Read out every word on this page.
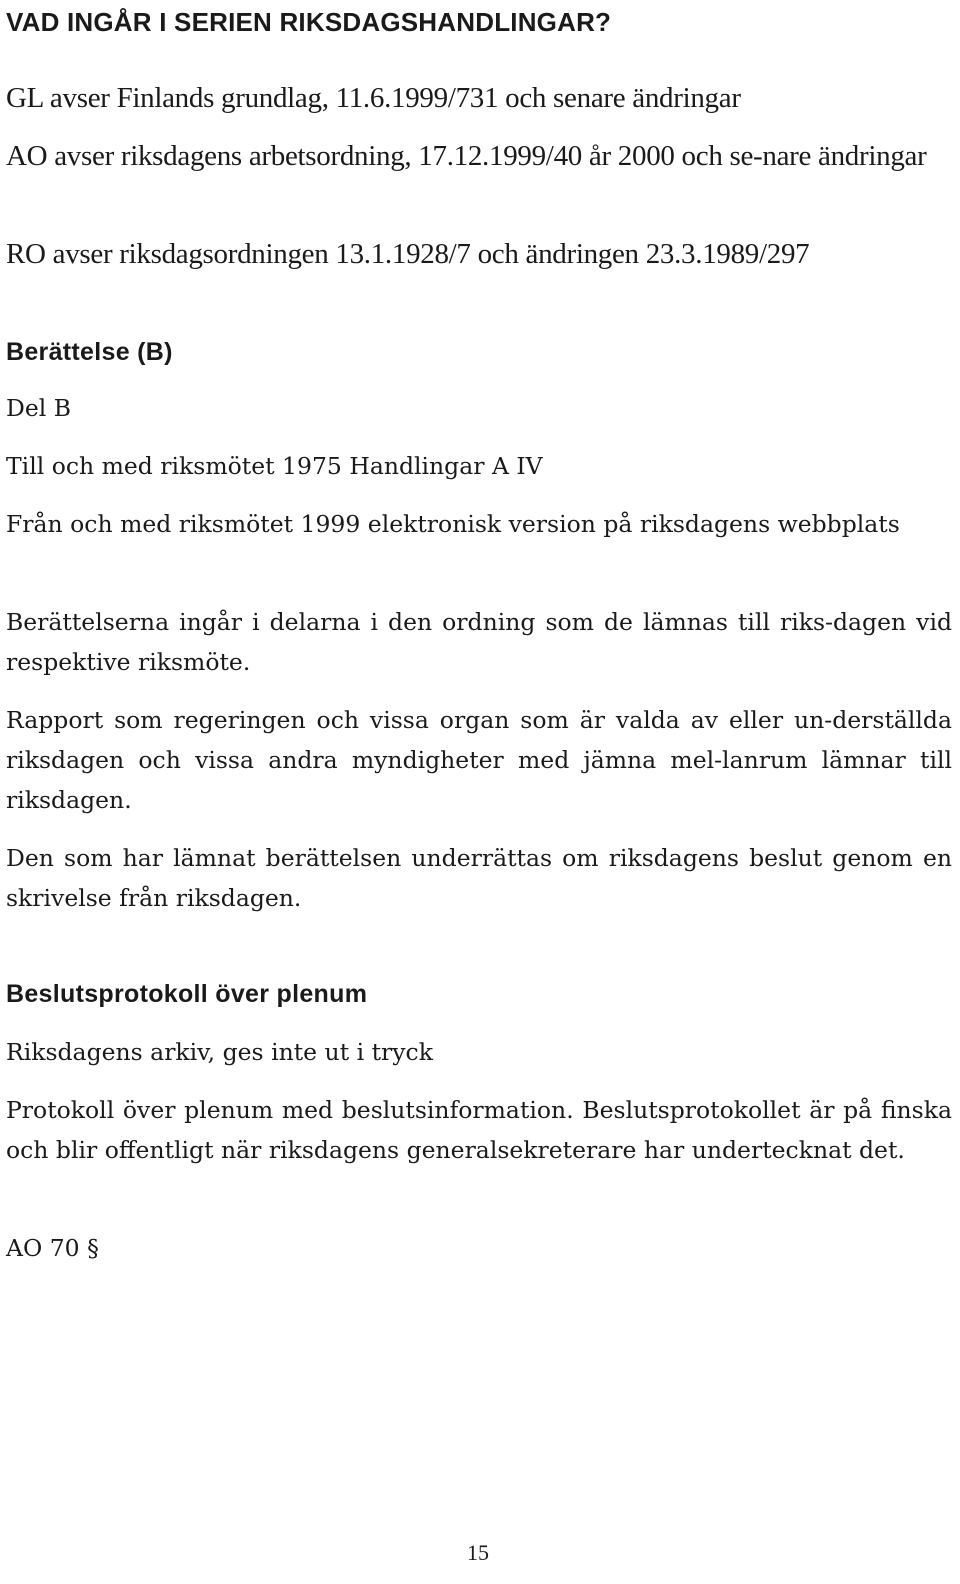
VAD INGÅR I SERIEN RIKSDAGSHANDLINGAR?

GL avser Finlands grundlag, 11.6.1999/731 och senare ändringar

AO avser riksdagens arbetsordning, 17.12.1999/40 år 2000 och se-nare ändringar

RO avser riksdagsordningen 13.1.1928/7 och ändringen 23.3.1989/297

Berättelse (B)

Del B

Till och med riksmötet 1975 Handlingar A IV

Från och med riksmötet 1999 elektronisk version på riksdagens webbplats

Berättelserna ingår i delarna i den ordning som de lämnas till riks-dagen vid respektive riksmöte.

Rapport som regeringen och vissa organ som är valda av eller un-derställda riksdagen och vissa andra myndigheter med jämna mel-lanrum lämnar till riksdagen.

Den som har lämnat berättelsen underrättas om riksdagens beslut genom en skrivelse från riksdagen.

Beslutsprotokoll över plenum

Riksdagens arkiv, ges inte ut i tryck

Protokoll över plenum med beslutsinformation. Beslutsprotokollet är på finska och blir offentligt när riksdagens generalsekreterare har undertecknat det.

AO 70 §

15
